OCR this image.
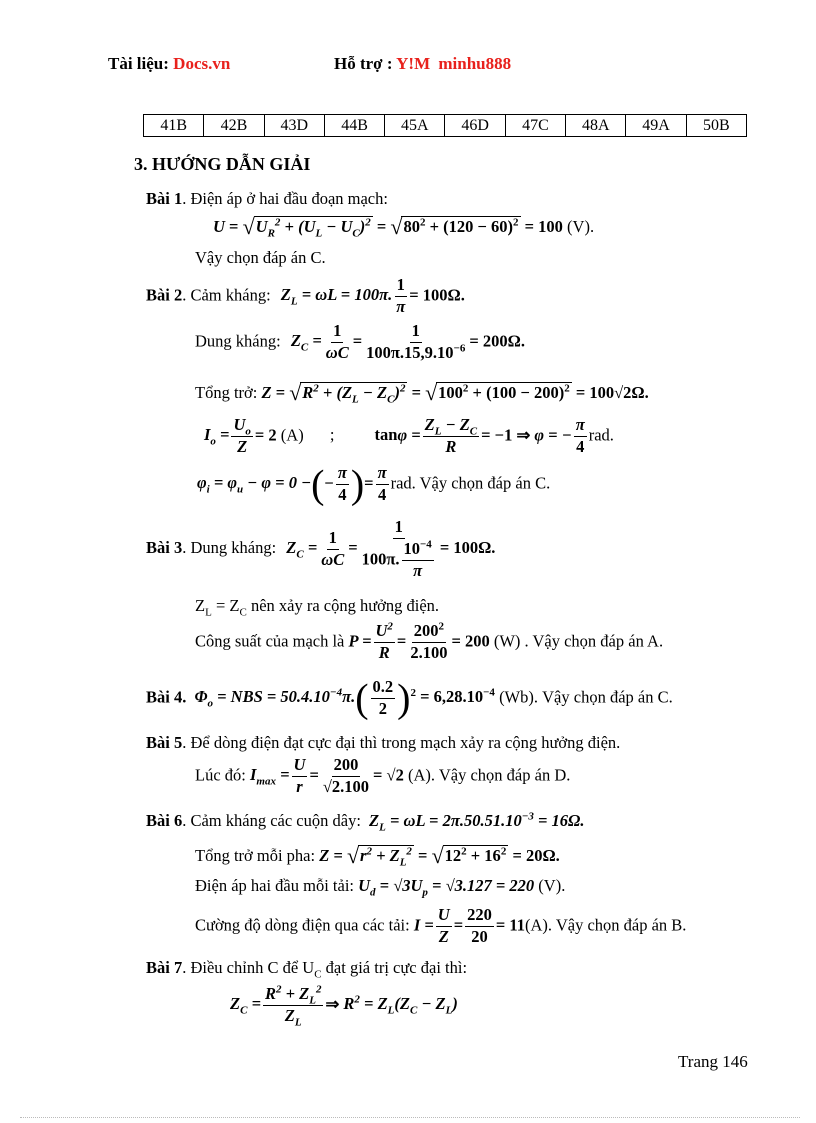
Tài liệu: Docs.vn	Hỗ trợ : Y!M minhu888
41B	42B	43D	44B	45A	46D	47C	48A	49A	50B
3. HƯỚNG DẪN GIẢI
Bài 1. Điện áp ở hai đầu đoạn mạch:
$U = √U_R^2 + (U_L - U_C)^2 = √80^2 + (120 - 60)^2 = 100$ (V).
Vậy chọn đáp án C.
Bài 2. Cảm kháng: $Z_L = \omega L = 100\pi$. $\frac{1}{\pi} = 100\Omega$.
Dung kháng: $Z_C = \frac{1}{\omega C} = \frac{1}{100\pi.15,9.10^{-6}} = 200\Omega$.
Tổng trở: $Z = √R^2 + (Z_L - Z_C)^2 = √100^2 + (100 - 200)^2 = 100√2\Omega$.
$I_o = \frac{U_o}{Z} = 2$ (A) ; $\tan\varphi = \frac{Z_L - Z_C}{R} = -1$ ⇒ φ = − $\frac{\pi}{4}$ rad.
$\varphi_i = \varphi_u - \varphi = 0$ −(− $\frac{\pi}{4}$ )= $\frac{\pi}{4}$ rad. Vậy chọn đáp án C.
Bài 3. Dung kháng: $Z_C = \frac{1}{\omega C} = \frac{1}{100\pi. \frac{10^{-4}}{\pi}} = 100\Omega$.
$Z_L = Z_C$ nên xảy ra cộng hưởng điện.
Công suất của mạch là $P = \frac{U^2}{R} = \frac{200^2}{2.100} = 200$ (W) . Vậy chọn đáp án A.
Bài 4. $\Phi_o$ = NBS = $50.4.10^{-4}\pi.( \frac{0.2}{2} )^2 = 6,28.10^{-4}$ (Wb). Vậy chọn đáp án C.
Bài 5. Để dòng điện đạt cực đại thì trong mạch xảy ra cộng hưởng điện.
Lúc đó: $I_{max} = \frac{U}{r} = \frac{200}{√2.100} = √2$ (A). Vậy chọn đáp án D.
Bài 6. Cảm kháng các cuộn dây: $Z_L = \omega L = 2\pi.50.51.10^{-3} = 16\Omega$.
Tổng trở mỗi pha: $Z = √r^2 + Z_L^2 = √12^2 + 16^2 = 20\Omega$.
Điện áp hai đầu mỗi tải: $U_d = √3U_p = √3.127 = 220$ (V).
Cường độ dòng điện qua các tải: $I = \frac{U}{Z} = \frac{220}{20} = 11(A)$. Vậy chọn đáp án B.
Bài 7. Điều chỉnh C để $U_C$ đạt giá trị cực đại thì:
$Z_C = \frac{R^2 + Z_L^2}{Z_L}$ ⇒ $R^2 = Z_L(Z_C - Z_L)$
Trang 146
